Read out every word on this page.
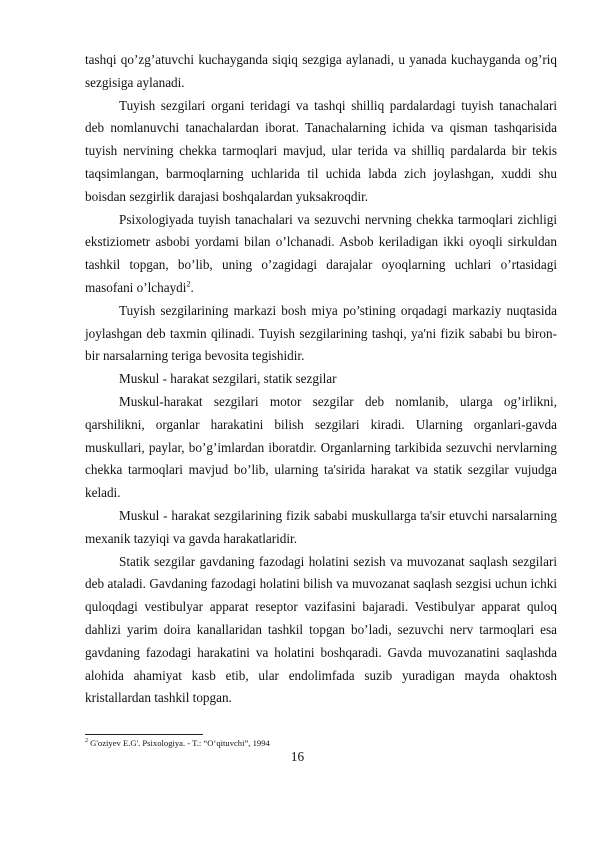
tashqi qo’zg’atuvchi kuchayganda siqiq sezgiga aylanadi, u yanada kuchayganda og’riq sezgisiga aylanadi.

Tuyish sezgilari organi teridagi va tashqi shilliq pardalardagi tuyish tanachalari deb nomlanuvchi tanachalardan iborat. Tanachalarning ichida va qisman tashqarisida tuyish nervining chekka tarmoqlari mavjud, ular terida va shilliq pardalarda bir tekis taqsimlangan, barmoqlarning uchlarida til uchida labda zich joylashgan, xuddi shu boisdan sezgirlik darajasi boshqalardan yuksakroqdir.

Psixologiyada tuyish tanachalari va sezuvchi nervning chekka tarmoqlari zichligi ekstiziometr asbobi yordami bilan o’lchanadi. Asbob keriladigan ikki oyoqli sirkuldan tashkil topgan, bo’lib, uning o’zagidagi darajalar oyoqlarning uchlari o’rtasidagi masofani o’lchaydi$^2$.

Tuyish sezgilarining markazi bosh miya po’stining orqadagi markaziy nuqtasida joylashgan deb taxmin qilinadi. Tuyish sezgilarining tashqi, ya'ni fizik sababi bu biron- bir narsalarning teriga bevosita tegishidir.

Muskul - harakat sezgilari, statik sezgilar

Muskul-harakat sezgilari motor sezgilar deb nomlanib, ularga og’irlikni, qarshilikni, organlar harakatini bilish sezgilari kiradi. Ularning organlari-gavda muskullari, paylar, bo’g’imlardan iboratdir. Organlarning tarkibida sezuvchi nervlarning chekka tarmoqlari mavjud bo’lib, ularning ta'sirida harakat va statik sezgilar vujudga keladi.

Muskul - harakat sezgilarining fizik sababi muskullarga ta'sir etuvchi narsalarning mexanik tazyiqi va gavda harakatlaridir.

Statik sezgilar gavdaning fazodagi holatini sezish va muvozanat saqlash sezgilari deb ataladi. Gavdaning fazodagi holatini bilish va muvozanat saqlash sezgisi uchun ichki quloqdagi vestibulyar apparat reseptor vazifasini bajaradi. Vestibulyar apparat quloq dahlizi yarim doira kanallaridan tashkil topgan bo’ladi, sezuvchi nerv tarmoqlari esa gavdaning fazodagi harakatini va holatini boshqaradi. Gavda muvozanatini saqlashda alohida ahamiyat kasb etib, ular endolimfada suzib yuradigan mayda ohaktosh kristallardan tashkil topgan.

$^2$ G'oziyev E.G'. Psixologiya. - T.: “O‘qituvchi”, 1994
16
